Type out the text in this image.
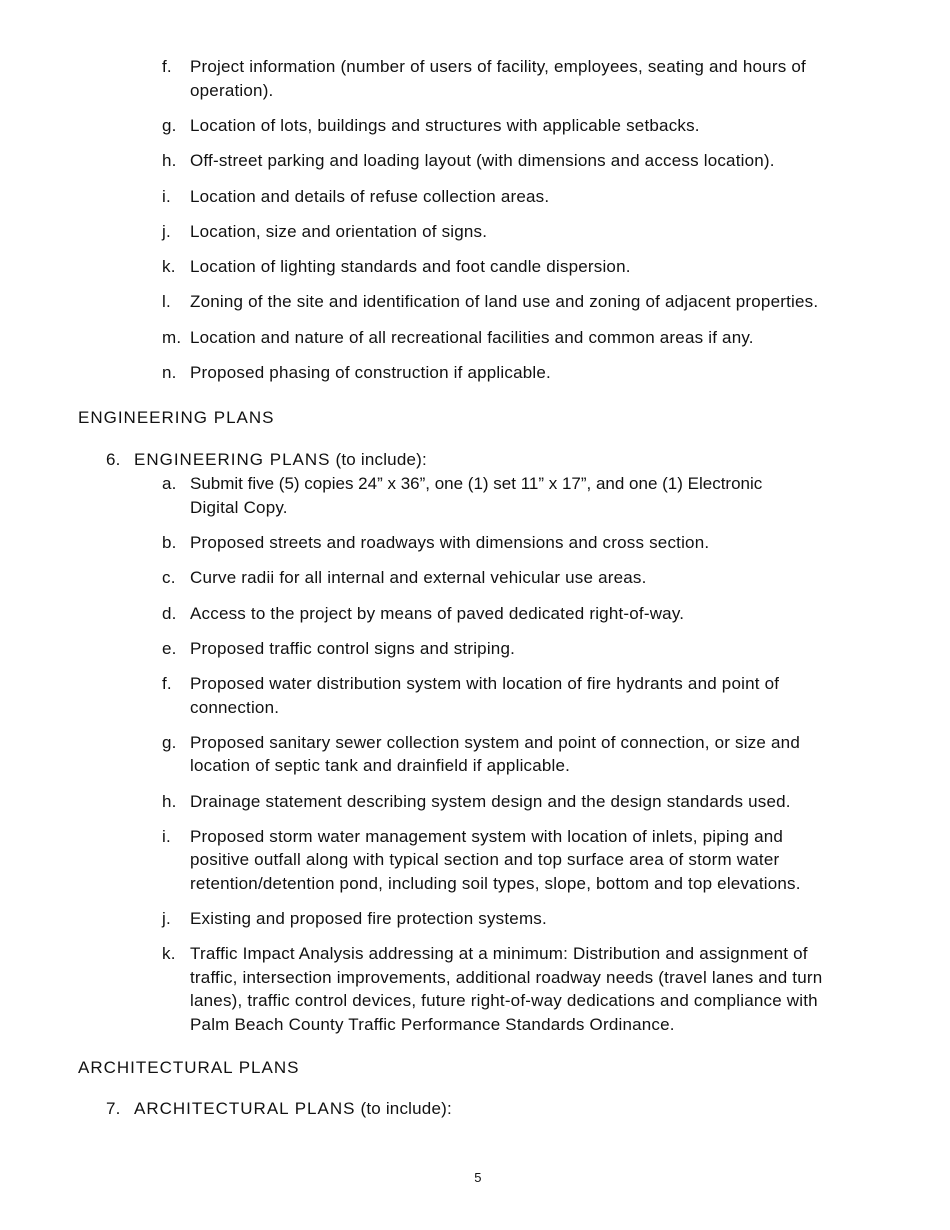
f. Project information (number of users of facility, employees, seating and hours of
operation).
g. Location of lots, buildings and structures with applicable setbacks.
h. Off-street parking and loading layout (with dimensions and access location).
i. Location and details of refuse collection areas.
j. Location, size and orientation of signs.
k. Location of lighting standards and foot candle dispersion.
l. Zoning of the site and identification of land use and zoning of adjacent properties.
m. Location and nature of all recreational facilities and common areas if any.
n. Proposed phasing of construction if applicable.
ENGINEERING PLANS
6. ENGINEERING PLANS (to include):
a. Submit five (5) copies 24” x 36”, one (1) set 11” x 17”, and one (1) Electronic
Digital Copy.
b. Proposed streets and roadways with dimensions and cross section.
c. Curve radii for all internal and external vehicular use areas.
d. Access to the project by means of paved dedicated right-of-way.
e. Proposed traffic control signs and striping.
f. Proposed water distribution system with location of fire hydrants and point of
connection.
g. Proposed sanitary sewer collection system and point of connection, or size and
location of septic tank and drainfield if applicable.
h. Drainage statement describing system design and the design standards used.
i. Proposed storm water management system with location of inlets, piping and
positive outfall along with typical section and top surface area of storm water
retention/detention pond, including soil types, slope, bottom and top elevations.
j. Existing and proposed fire protection systems.
k. Traffic Impact Analysis addressing at a minimum: Distribution and assignment of
traffic, intersection improvements, additional roadway needs (travel lanes and turn
lanes), traffic control devices, future right-of-way dedications and compliance with
Palm Beach County Traffic Performance Standards Ordinance.
ARCHITECTURAL PLANS
7. ARCHITECTURAL PLANS (to include):
5
